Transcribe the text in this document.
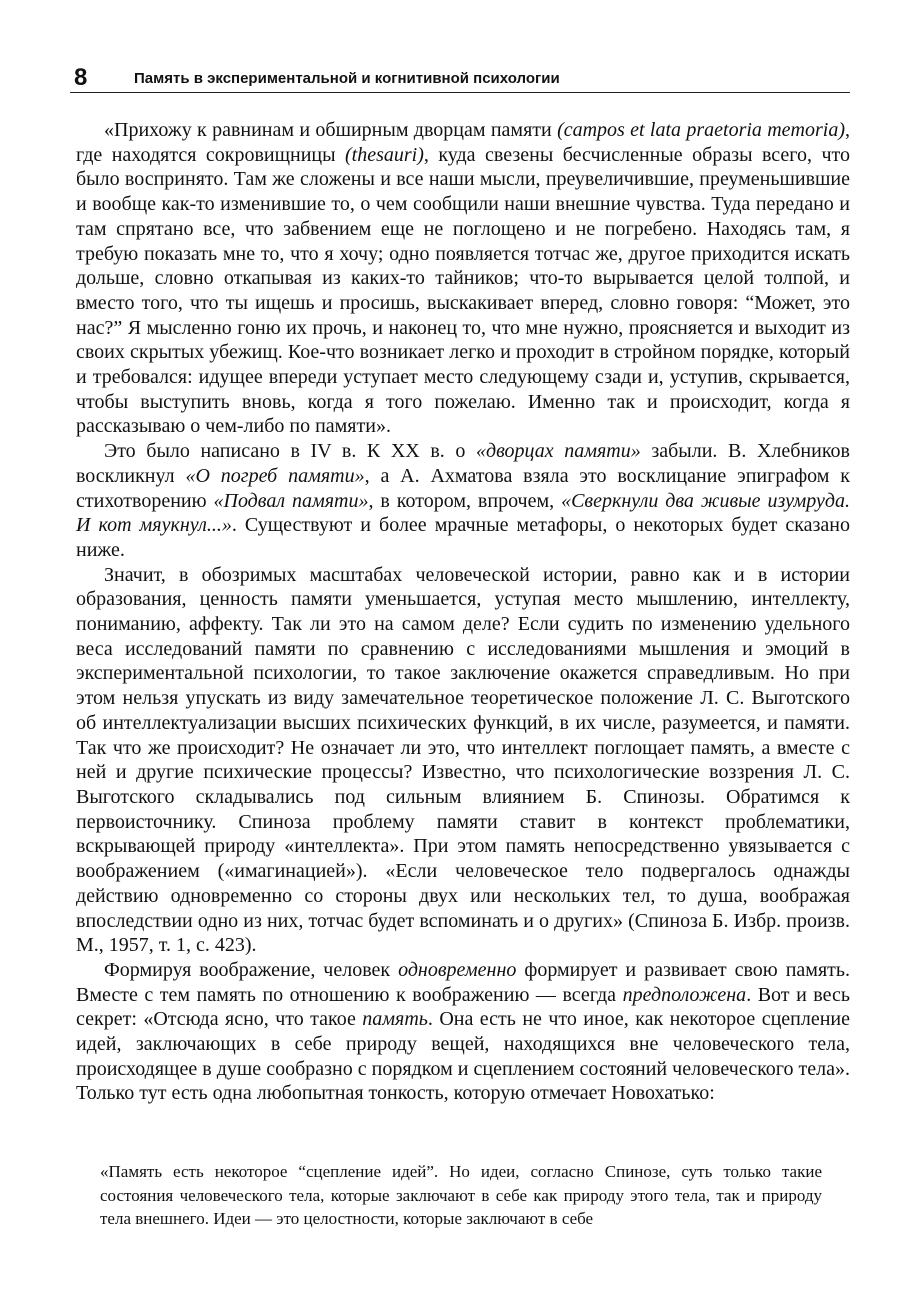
8	Память в экспериментальной и когнитивной психологии

«Прихожу к равнинам и обширным дворцам памяти (campos et lata praetoria memoria), где находятся сокровищницы (thesauri), куда свезены бесчисленные образы всего, что было воспринято. Там же сложены и все наши мысли, преувеличившие, преуменьшившие и вообще как-то изменившие то, о чем сообщили наши внешние чувства. Туда передано и там спрятано все, что забвением еще не поглощено и не погребено. Находясь там, я требую показать мне то, что я хочу; одно появляется тотчас же, другое приходится искать дольше, словно откапывая из каких-то тайников; что-то вырывается целой толпой, и вместо того, что ты ищешь и просишь, выскакивает вперед, словно говоря: “Может, это нас?” Я мысленно гоню их прочь, и наконец то, что мне нужно, проясняется и выходит из своих скрытых убежищ. Кое-что возникает легко и проходит в стройном порядке, который и требовался: идущее впереди уступает место следующему сзади и, уступив, скрывается, чтобы выступить вновь, когда я того пожелаю. Именно так и происходит, когда я рассказываю о чем-либо по памяти».

Это было написано в IV в. К XX в. о «дворцах памяти» забыли. В. Хлебников воскликнул «О погреб памяти», а А. Ахматова взяла это восклицание эпиграфом к стихотворению «Подвал памяти», в котором, впрочем, «Сверкнули два живые изумруда. И кот мяукнул...». Существуют и более мрачные метафоры, о некоторых будет сказано ниже.

Значит, в обозримых масштабах человеческой истории, равно как и в истории образования, ценность памяти уменьшается, уступая место мышлению, интеллекту, пониманию, аффекту. Так ли это на самом деле? Если судить по изменению удельного веса исследований памяти по сравнению с исследованиями мышления и эмоций в экспериментальной психологии, то такое заключение окажется справедливым. Но при этом нельзя упускать из виду замечательное теоретическое положение Л. С. Выготского об интеллектуализации высших психических функций, в их числе, разумеется, и памяти. Так что же происходит? Не означает ли это, что интеллект поглощает память, а вместе с ней и другие психические процессы? Известно, что психологические воззрения Л. С. Выготского складывались под сильным влиянием Б. Спинозы. Обратимся к первоисточнику. Спиноза проблему памяти ставит в контекст проблематики, вскрывающей природу «интеллекта». При этом память непосредственно увязывается с воображением («имагинацией»). «Если человеческое тело подвергалось однажды действию одновременно со стороны двух или нескольких тел, то душа, воображая впоследствии одно из них, тотчас будет вспоминать и о других» (Спиноза Б. Избр. произв. М., 1957, т. 1, с. 423).

Формируя воображение, человек одновременно формирует и развивает свою память. Вместе с тем память по отношению к воображению — всегда предположена. Вот и весь секрет: «Отсюда ясно, что такое память. Она есть не что иное, как некоторое сцепление идей, заключающих в себе природу вещей, находящихся вне человеческого тела, происходящее в душе сообразно с порядком и сцеплением состояний человеческого тела». Только тут есть одна любопытная тонкость, которую отмечает Новохатько:

«Память есть некоторое “сцепление идей”. Но идеи, согласно Спинозе, суть только такие состояния человеческого тела, которые заключают в себе как природу этого тела, так и природу тела внешнего. Идеи — это целостности, которые заключают в себе
